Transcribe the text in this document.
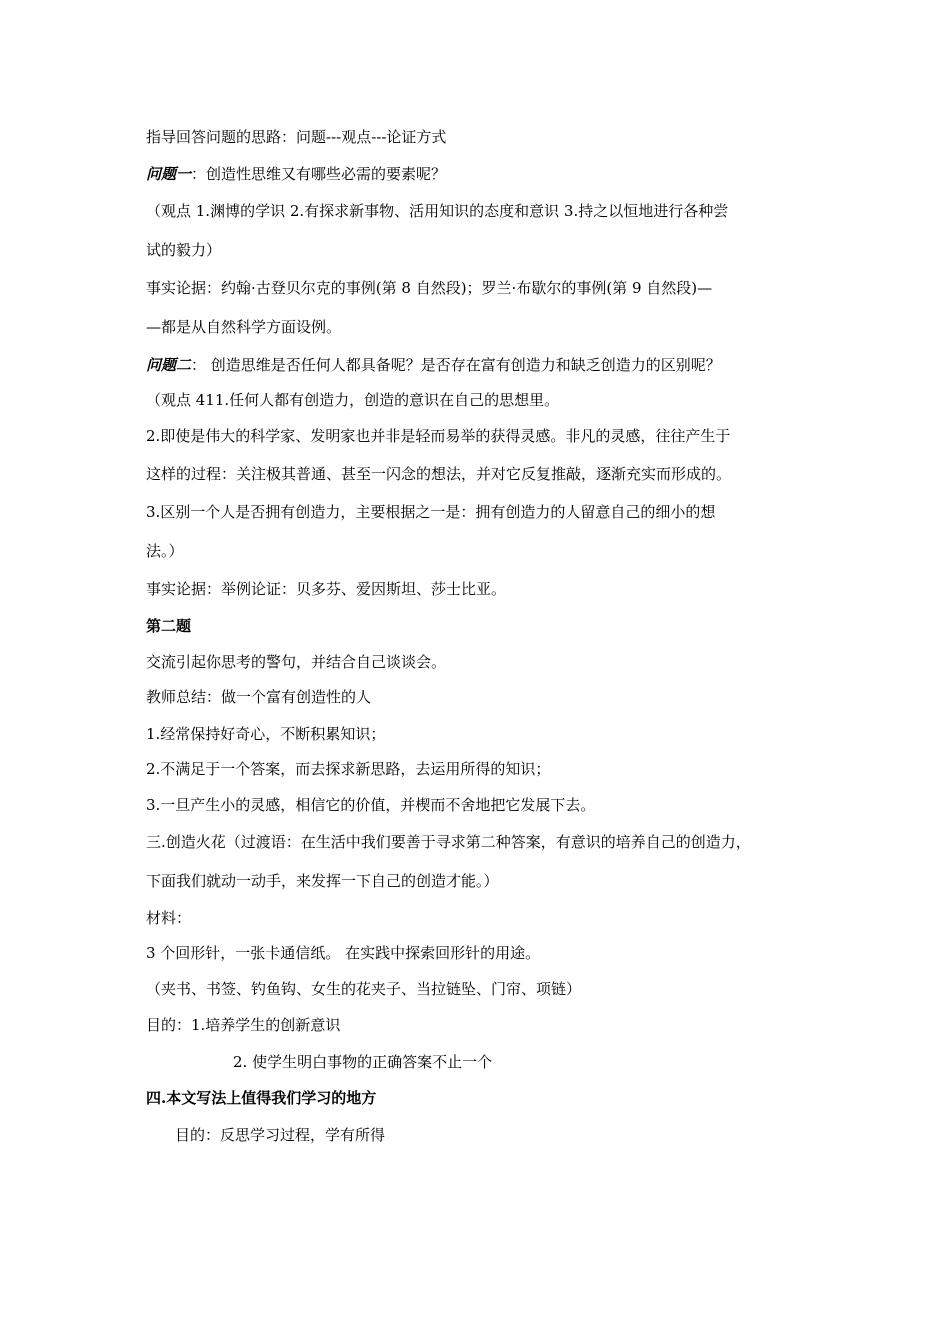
指导回答问题的思路：问题---观点---论证方式
问题一：创造性思维又有哪些必需的要素呢？
（观点 1.渊博的学识 2.有探求新事物、活用知识的态度和意识 3.持之以恒地进行各种尝
试的毅力）
事实论据：约翰·古登贝尔克的事例(第 8 自然段)；罗兰·布歇尔的事例(第 9 自然段)—
—都是从自然科学方面设例。
问题二： 创造思维是否任何人都具备呢？是否存在富有创造力和缺乏创造力的区别呢？
（观点 411.任何人都有创造力，创造的意识在自己的思想里。
2.即使是伟大的科学家、发明家也并非是轻而易举的获得灵感。非凡的灵感，往往产生于
这样的过程：关注极其普通、甚至一闪念的想法，并对它反复推敲，逐渐充实而形成的。
3.区别一个人是否拥有创造力，主要根据之一是：拥有创造力的人留意自己的细小的想
法。）
事实论据：举例论证：贝多芬、爱因斯坦、莎士比亚。
第二题
交流引起你思考的警句，并结合自己谈谈会。
教师总结：做一个富有创造性的人
1.经常保持好奇心，不断积累知识；
2.不满足于一个答案，而去探求新思路，去运用所得的知识；
3.一旦产生小的灵感，相信它的价值，并楔而不舍地把它发展下去。
三.创造火花（过渡语：在生活中我们要善于寻求第二种答案，有意识的培养自己的创造力，
下面我们就动一动手，来发挥一下自己的创造才能。）
材料：
3 个回形针，一张卡通信纸。 在实践中探索回形针的用途。
（夹书、书签、钓鱼钩、女生的花夹子、当拉链坠、门帘、项链）
目的：1.培养学生的创新意识
2. 使学生明白事物的正确答案不止一个
四.本文写法上值得我们学习的地方
目的：反思学习过程，学有所得
